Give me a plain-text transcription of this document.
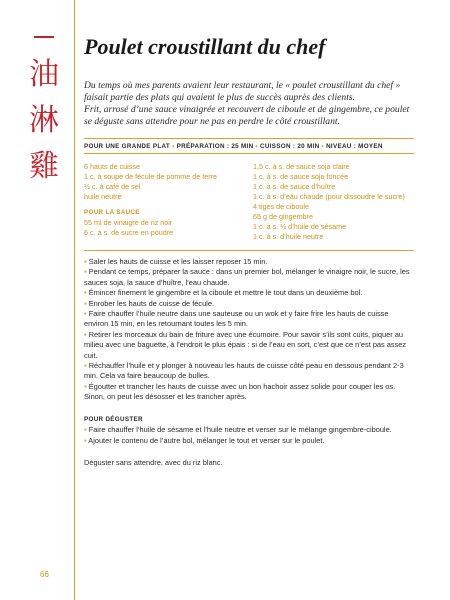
油
淋
雞
Poulet croustillant du chef

Du temps où mes parents avaient leur restaurant, le « poulet croustillant du chef » faisait partie des plats qui avaient le plus de succès auprès des clients.

Frit, arrosé d’une sauce vinaigrée et recouvert de ciboule et de gingembre, ce poulet se déguste sans attendre pour ne pas en perdre le côté croustillant.

POUR UNE GRANDE PLAT • PRÉPARATION : 25 MIN • CUISSON : 20 MIN • NIVEAU : MOYEN
6 hauts de cuisse
1 c. à soupe de fécule de pomme de terre
½ c. à café de sel
huile neutre
POUR LA SAUCE
55 ml de vinaigre de riz noir
6 c. à s. de sucre en poudre
1,5 c. à s. de sauce soja claire
1 c. à s. de sauce soja foncée
1 c. à s. de sauce d’huître
1 c. à s. d’eau chaude (pour dissoudre le sucre)
4 tiges de ciboule
65 g de gingembre
1 c. à s. ½ d’huile de sésame
1 c. à s. d’huile neutre

▪ Saler les hauts de cuisse et les laisser reposer 15 min.

▪ Pendant ce temps, préparer la sauce : dans un premier bol, mélanger le vinaigre noir, le sucre, les sauces soja, la sauce d’huître, l’eau chaude.

▪ Émincer finement le gingembre et la ciboule et mettre le tout dans un deuxième bol.

▪ Enrober les hauts de cuisse de fécule.

▪ Faire chauffer l’huile neutre dans une sauteuse ou un wok et y faire frire les hauts de cuisse environ 15 min, en les retournant toutes les 5 min.

▪ Retirer les morceaux du bain de friture avec une écumoire. Pour savoir s’ils sont cuits, piquer au milieu avec une baguette, à l’endroit le plus épais : si de l’eau en sort, c’est que ce n’est pas assez cuit.

▪ Réchauffer l’huile et y plonger à nouveau les hauts de cuisse côté peau en dessous pendant 2-3 min. Cela va faire beaucoup de bulles.

▪ Égoutter et trancher les hauts de cuisse avec un bon hachoir assez solide pour couper les os. Sinon, on peut les désosser et les trancher après.

POUR DÉGUSTER

▪ Faire chauffer l’huile de sésame et l’huile neutre et verser sur le mélange gingembre-ciboule.

▪ Ajouter le contenu de l’autre bol, mélanger le tout et verser sur le poulet.

Déguster sans attendre, avec du riz blanc.

66
